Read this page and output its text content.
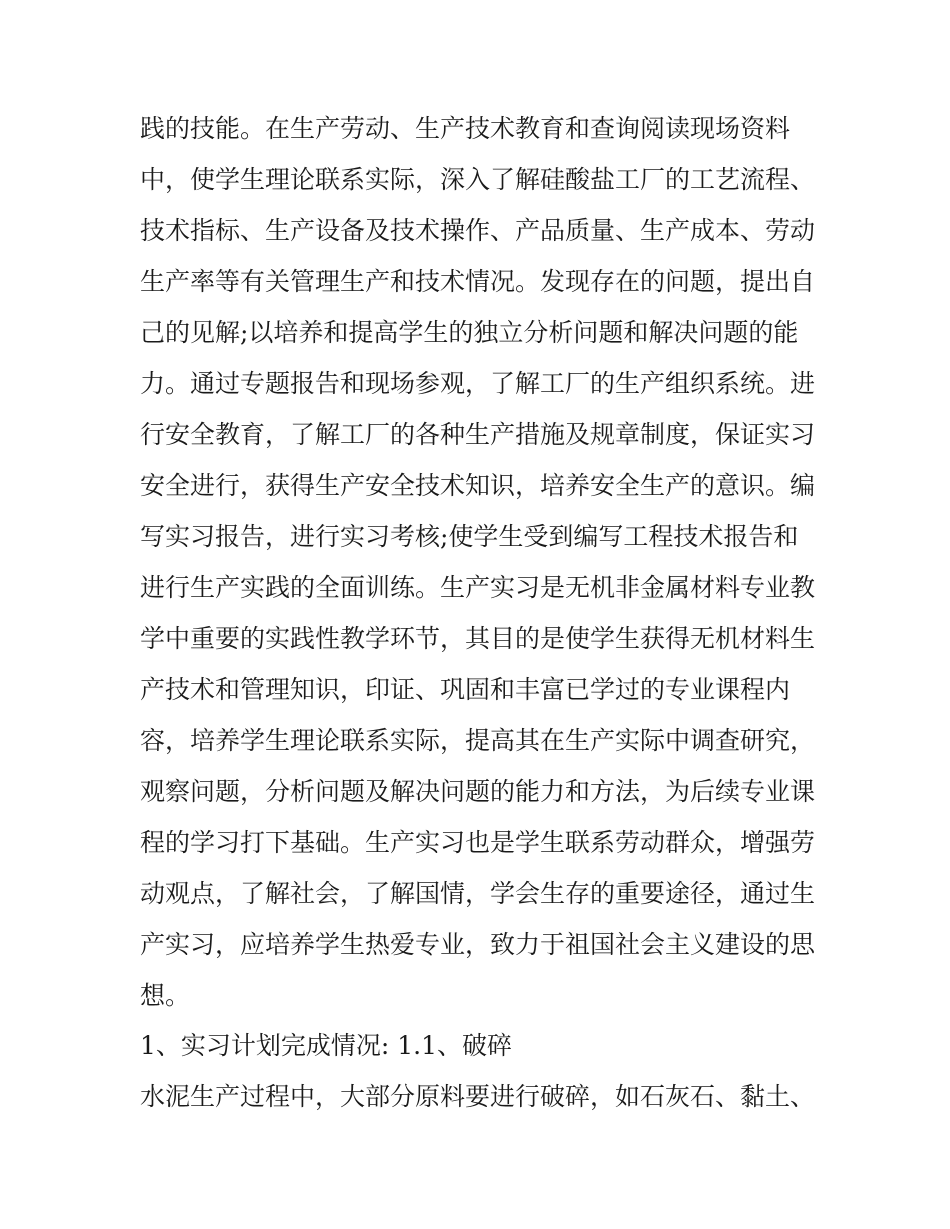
践的技能。在生产劳动、生产技术教育和查询阅读现场资料
中，使学生理论联系实际，深入了解硅酸盐工厂的工艺流程、
技术指标、生产设备及技术操作、产品质量、生产成本、劳动
生产率等有关管理生产和技术情况。发现存在的问题，提出自
己的见解;以培养和提高学生的独立分析问题和解决问题的能
力。通过专题报告和现场参观，了解工厂的生产组织系统。进
行安全教育，了解工厂的各种生产措施及规章制度，保证实习
安全进行，获得生产安全技术知识，培养安全生产的意识。编
写实习报告，进行实习考核;使学生受到编写工程技术报告和
进行生产实践的全面训练。生产实习是无机非金属材料专业教
学中重要的实践性教学环节，其目的是使学生获得无机材料生
产技术和管理知识，印证、巩固和丰富已学过的专业课程内
容，培养学生理论联系实际，提高其在生产实际中调查研究，
观察问题，分析问题及解决问题的能力和方法，为后续专业课
程的学习打下基础。生产实习也是学生联系劳动群众，增强劳
动观点，了解社会，了解国情，学会生存的重要途径，通过生
产实习，应培养学生热爱专业，致力于祖国社会主义建设的思
想。
1、实习计划完成情况: 1.1、破碎
水泥生产过程中，大部分原料要进行破碎，如石灰石、黏土、
